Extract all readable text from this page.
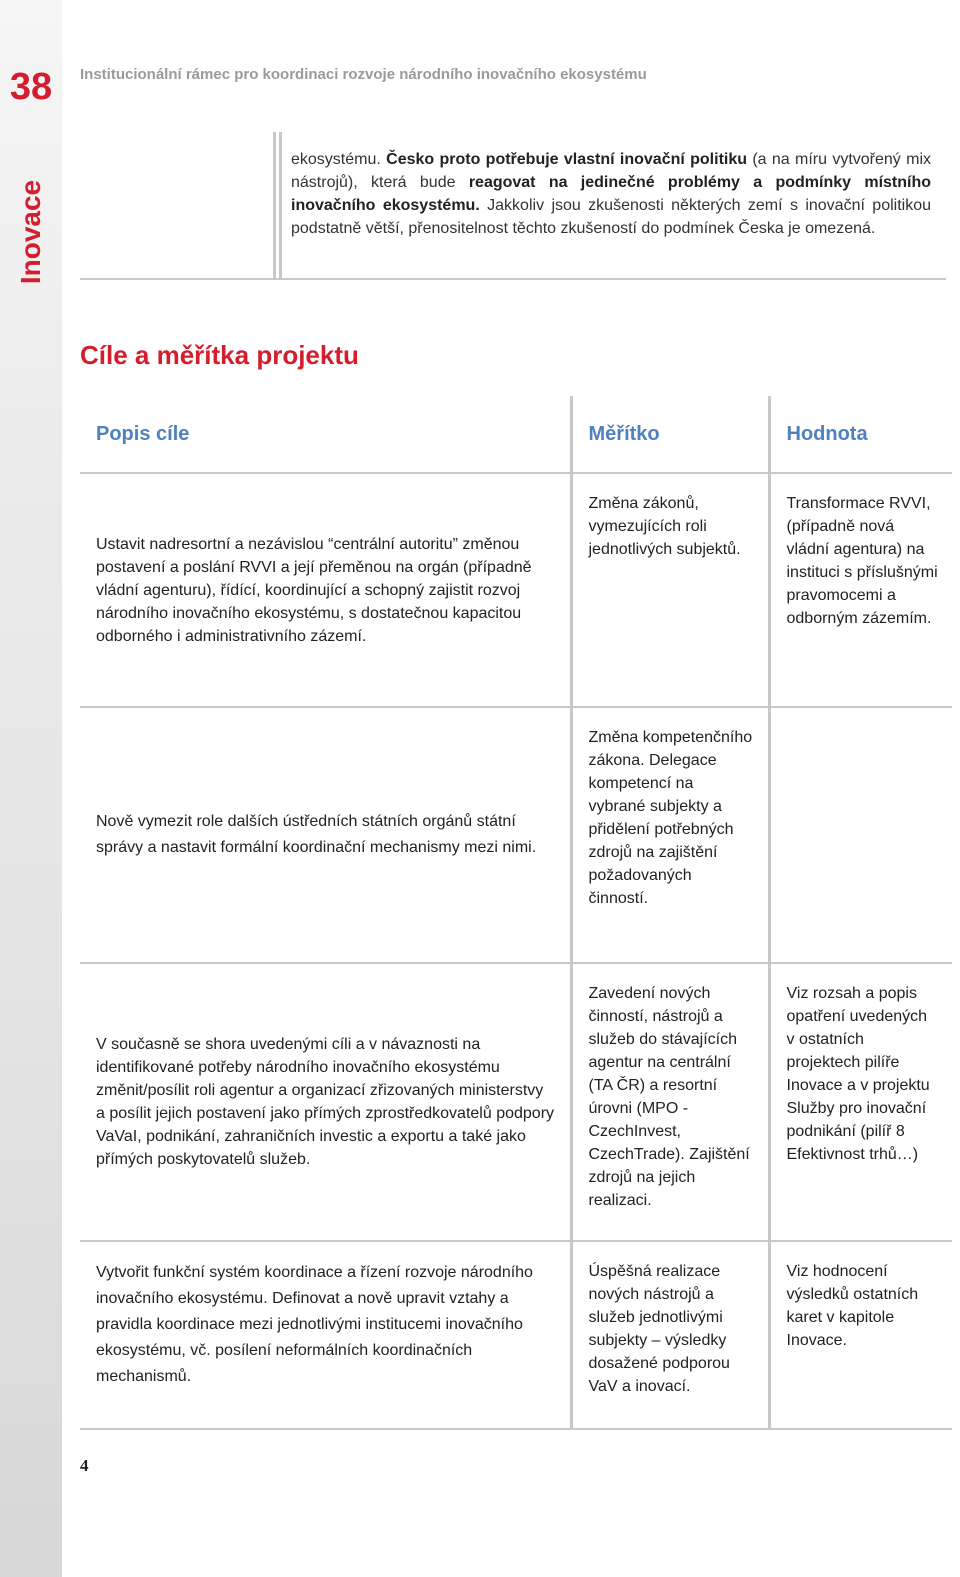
38
Inovace
Institucionální rámec pro koordinaci rozvoje národního inovačního ekosystému

ekosystému. Česko proto potřebuje vlastní inovační politiku (a na míru vytvořený mix nástrojů), která bude reagovat na jedinečné problémy a podmínky místního inovačního ekosystému. Jakkoliv jsou zkušenosti některých zemí s inovační politikou podstatně větší, přenositelnost těchto zkušeností do podmínek Česka je omezená.

Cíle a měřítka projektu
Popis cíle	Měřítko	Hodnota
Ustavit nadresortní a nezávislou “centrální autoritu” změnou postavení a poslání RVVI a její přeměnou na orgán (případně vládní agenturu), řídící, koordinující a schopný zajistit rozvoj národního inovačního ekosystému, s dostatečnou kapacitou odborného i administrativního zázemí.	Změna zákonů, vymezujících roli jednotlivých subjektů.	Transformace RVVI, (případně nová vládní agentura) na instituci s příslušnými pravomocemi a odborným zázemím.
Nově vymezit role dalších ústředních státních orgánů státní správy a nastavit formální koordinační mechanismy mezi nimi.	Změna kompetenčního zákona. Delegace kompetencí na vybrané subjekty a přidělení potřebných zdrojů na zajištění požadovaných činností.	
V současně se shora uvedenými cíli a v návaznosti na identifikované potřeby národního inovačního ekosystému změnit/posílit roli agentur a organizací zřizovaných ministerstvy a posílit jejich postavení jako přímých zprostředkovatelů podpory VaVaI, podnikání, zahraničních investic a exportu a také jako přímých poskytovatelů služeb.	Zavedení nových činností, nástrojů a služeb do stávajících agentur na centrální (TA ČR) a resortní úrovni (MPO - CzechInvest, CzechTrade). Zajištění zdrojů na jejich realizaci.	Viz rozsah a popis opatření uvedených v ostatních projektech pilíře Inovace a v projektu Služby pro inovační podnikání (pilíř 8 Efektivnost trhů…)
Vytvořit funkční systém koordinace a řízení rozvoje národního inovačního ekosystému. Definovat a nově upravit vztahy a pravidla koordinace mezi jednotlivými institucemi inovačního ekosystému, vč. posílení neformálních koordinačních mechanismů.	Úspěšná realizace nových nástrojů a služeb jednotlivými subjekty – výsledky dosažené podporou VaV a inovací.	Viz hodnocení výsledků ostatních karet v kapitole Inovace.
4
